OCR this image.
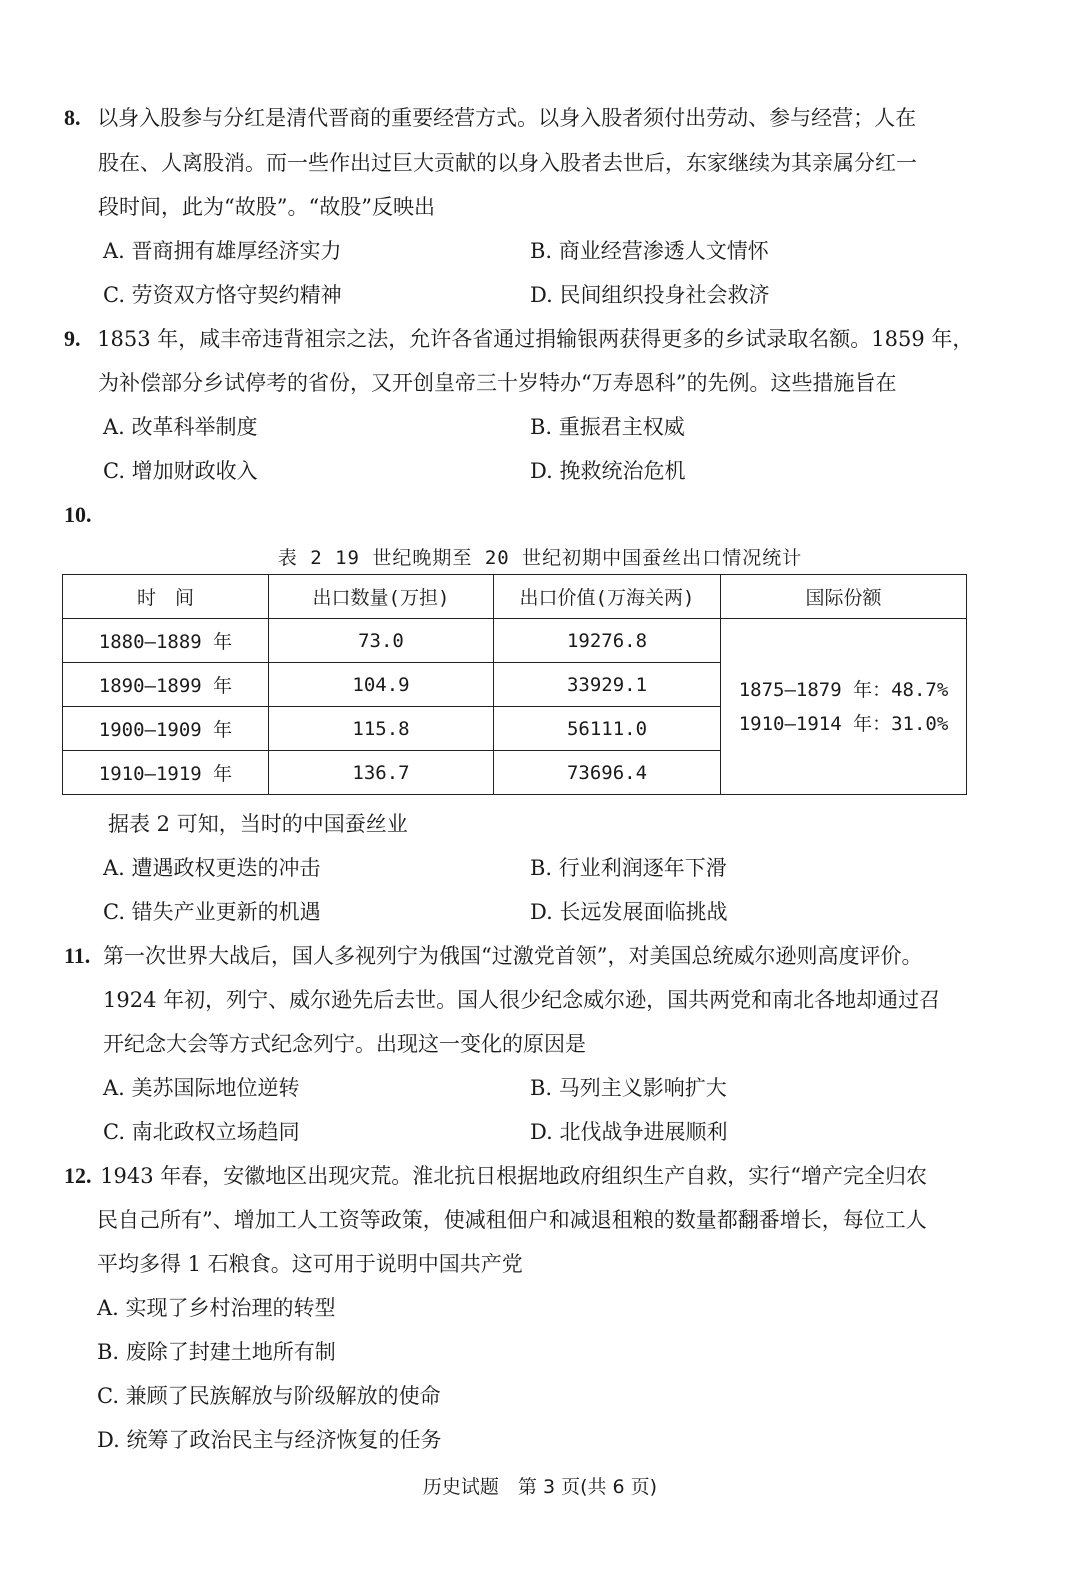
8. 以身入股参与分红是清代晋商的重要经营方式。以身入股者须付出劳动、参与经营；人在
股在、人离股消。而一些作出过巨大贡献的以身入股者去世后，东家继续为其亲属分红一
段时间，此为“故股”。“故股”反映出
A. 晋商拥有雄厚经济实力	B. 商业经营渗透人文情怀
C. 劳资双方恪守契约精神	D. 民间组织投身社会救济
9. 1853 年，咸丰帝违背祖宗之法，允许各省通过捐输银两获得更多的乡试录取名额。1859 年，
为补偿部分乡试停考的省份，又开创皇帝三十岁特办“万寿恩科”的先例。这些措施旨在
A. 改革科举制度	B. 重振君主权威
C. 增加财政收入	D. 挽救统治危机
10.
表 2 19 世纪晚期至 20 世纪初期中国蚕丝出口情况统计
时　间	出口数量(万担)	出口价值(万海关两)	国际份额
1880—1889 年	73.0	19276.8	1875—1879 年：48.7%
1910—1914 年：31.0%

1890—1899 年	104.9	33929.1	
1900—1909 年	115.8	56111.0	
1910—1919 年	136.7	73696.4	
据表 2 可知，当时的中国蚕丝业
A. 遭遇政权更迭的冲击	B. 行业利润逐年下滑
C. 错失产业更新的机遇	D. 长远发展面临挑战
11. 第一次世界大战后，国人多视列宁为俄国“过激党首领”，对美国总统威尔逊则高度评价。
1924 年初，列宁、威尔逊先后去世。国人很少纪念威尔逊，国共两党和南北各地却通过召
开纪念大会等方式纪念列宁。出现这一变化的原因是
A. 美苏国际地位逆转	B. 马列主义影响扩大
C. 南北政权立场趋同	D. 北伐战争进展顺利
12. 1943 年春，安徽地区出现灾荒。淮北抗日根据地政府组织生产自救，实行“增产完全归农
民自己所有”、增加工人工资等政策，使减租佃户和减退租粮的数量都翻番增长，每位工人
平均多得 1 石粮食。这可用于说明中国共产党
A. 实现了乡村治理的转型
B. 废除了封建土地所有制
C. 兼顾了民族解放与阶级解放的使命
D. 统筹了政治民主与经济恢复的任务
历史试题　第 3 页(共 6 页)
